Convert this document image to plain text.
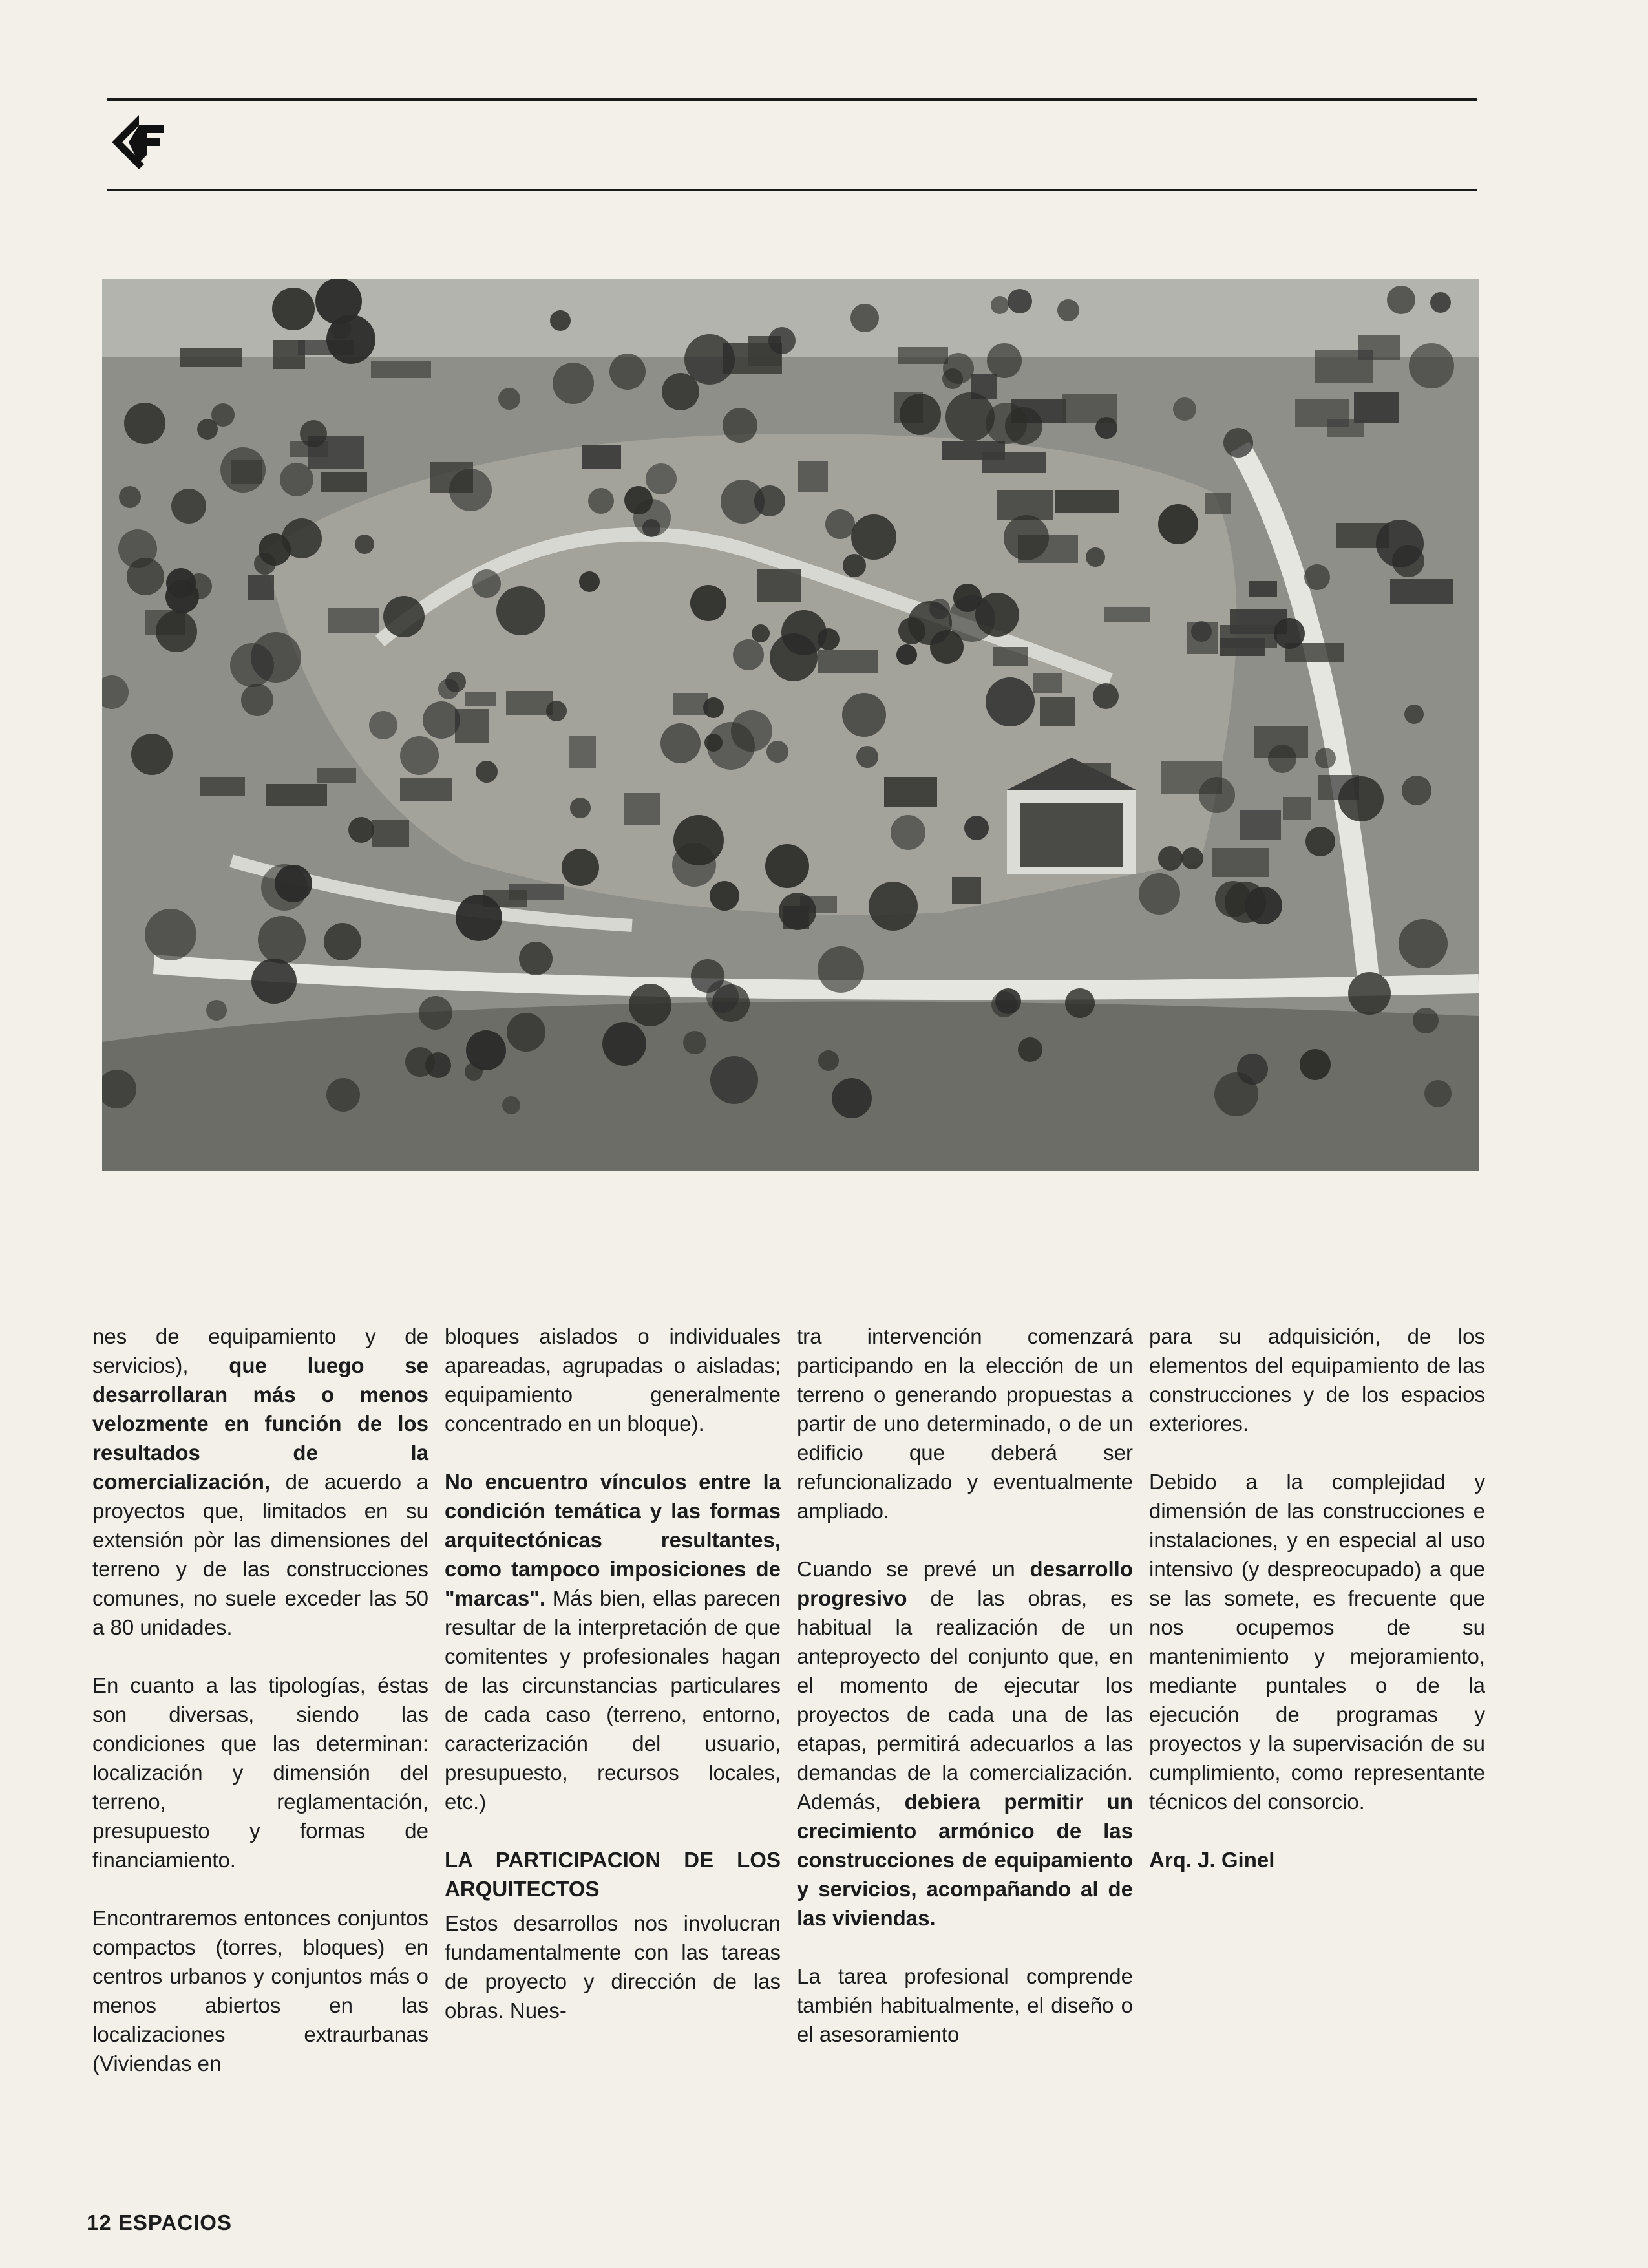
nes de equipamiento y de servicios), que luego se desarrollaran más o menos velozmente en función de los resultados de la comercialización, de acuerdo a proyectos que, limitados en su extensión pòr las dimensiones del terreno y de las construcciones comunes, no suele exceder las 50 a 80 unidades.

En cuanto a las tipologías, éstas son diversas, siendo las condiciones que las determinan: localización y dimensión del terreno, reglamentación, presupuesto y formas de financiamiento.

Encontraremos entonces conjuntos compactos (torres, bloques) en centros urbanos y conjuntos más o menos abiertos en las localizaciones extraurbanas (Viviendas en

bloques aislados o individuales apareadas, agrupadas o aisladas; equipamiento generalmente concentrado en un bloque).

No encuentro vínculos entre la condición temática y las formas arquitectónicas resultantes, como tampoco imposiciones de "marcas". Más bien, ellas parecen resultar de la interpretación de que comitentes y profesionales hagan de las circunstancias particulares de cada caso (terreno, entorno, caracterización del usuario, presupuesto, recursos locales, etc.)

LA PARTICIPACION DE LOS ARQUITECTOS

Estos desarrollos nos involucran fundamentalmente con las tareas de proyecto y dirección de las obras. Nues-

tra intervención comenzará participando en la elección de un terreno o generando propuestas a partir de uno determinado, o de un edificio que deberá ser refuncionalizado y eventualmente ampliado.

Cuando se prevé un desarrollo progresivo de las obras, es habitual la realización de un anteproyecto del conjunto que, en el momento de ejecutar los proyectos de cada una de las etapas, permitirá adecuarlos a las demandas de la comercialización. Además, debiera permitir un crecimiento armónico de las construcciones de equipamiento y servicios, acompañando al de las viviendas.

La tarea profesional comprende también habitualmente, el diseño o el asesoramiento

para su adquisición, de los elementos del equipamiento de las construcciones y de los espacios exteriores.

Debido a la complejidad y dimensión de las construcciones e instalaciones, y en especial al uso intensivo (y despreocupado) a que se las somete, es frecuente que nos ocupemos de su mantenimiento y mejoramiento, mediante puntales o de la ejecución de programas y proyectos y la supervisación de su cumplimiento, como representante técnicos del consorcio.

Arq. J. Ginel

12 ESPACIOS
